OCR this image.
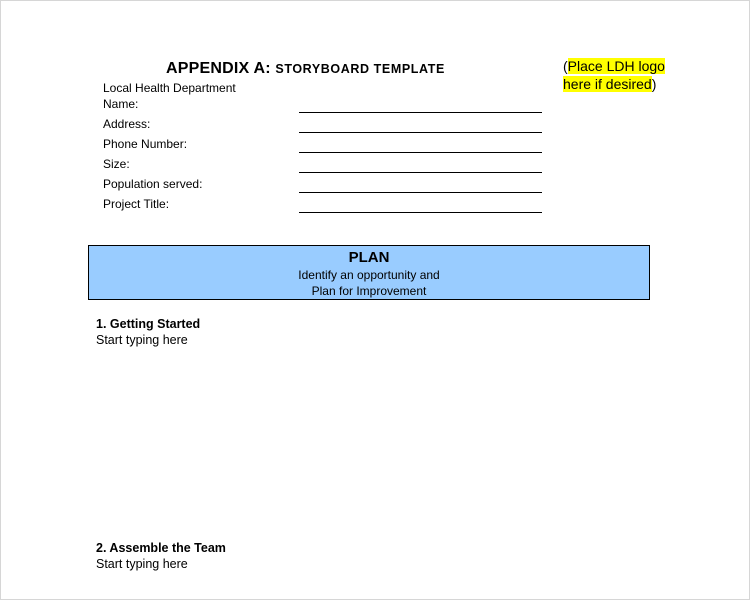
APPENDIX A: STORYBOARD TEMPLATE	(Place LDH logo
here if desired)
Local Health Department
Name:
Address:
Phone Number:
Size:
Population served:
Project Title:
PLAN
Identify an opportunity and
Plan for Improvement
1. Getting Started
Start typing here
2. Assemble the Team
Start typing here
